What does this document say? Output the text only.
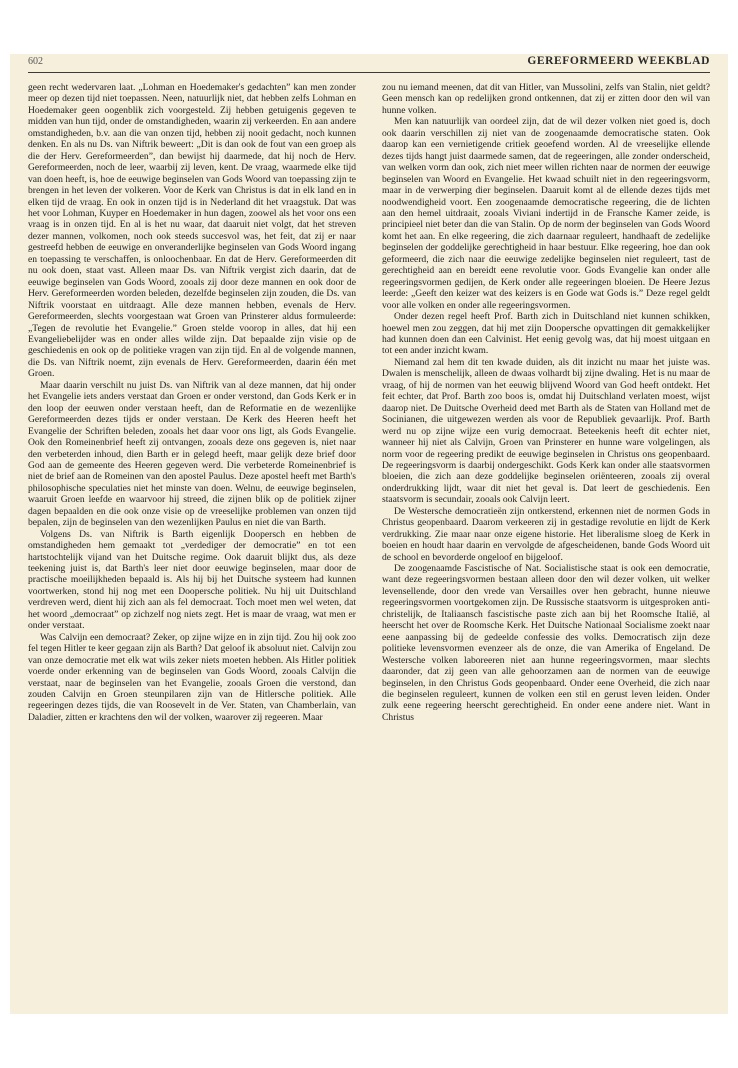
602	GEREFORMEERD WEEKBLAD

geen recht wedervaren laat. „Lohman en Hoedemaker's gedachten” kan men zonder meer op dezen tijd niet toepassen. Neen, natuurlijk niet, dat hebben zelfs Lohman en Hoedemaker geen oogenblik zich voorgesteld. Zij hebben getuigenis gegeven te midden van hun tijd, onder de omstandigheden, waarin zij verkeerden. En aan andere omstandigheden, b.v. aan die van onzen tijd, hebben zij nooit gedacht, noch kunnen denken. En als nu Ds. van Niftrik beweert: „Dit is dan ook de fout van een groep als die der Herv. Gereformeerden”, dan bewijst hij daarmede, dat hij noch de Herv. Gereformeerden, noch de leer, waarbij zij leven, kent. De vraag, waarmede elke tijd van doen heeft, is, hoe de eeuwige beginselen van Gods Woord van toepassing zijn te brengen in het leven der volkeren. Voor de Kerk van Christus is dat in elk land en in elken tijd de vraag. En ook in onzen tijd is in Nederland dit het vraagstuk. Dat was het voor Lohman, Kuyper en Hoedemaker in hun dagen, zoowel als het voor ons een vraag is in onzen tijd. En al is het nu waar, dat daaruit niet volgt, dat het streven dezer mannen, volkomen, noch ook steeds succesvol was, het feit, dat zij er naar gestreefd hebben de eeuwige en onveranderlijke beginselen van Gods Woord ingang en toepassing te verschaffen, is onloochenbaar. En dat de Herv. Gereformeerden dit nu ook doen, staat vast. Alleen maar Ds. van Niftrik vergist zich daarin, dat de eeuwige beginselen van Gods Woord, zooals zij door deze mannen en ook door de Herv. Gereformeerden worden beleden, dezelfde beginselen zijn zouden, die Ds. van Niftrik voorstaat en uitdraagt. Alle deze mannen hebben, evenals de Herv. Gereformeerden, slechts voorgestaan wat Groen van Prinsterer aldus formuleerde: „Tegen de revolutie het Evangelie.” Groen stelde voorop in alles, dat hij een Evangeliebelijder was en onder alles wilde zijn. Dat bepaalde zijn visie op de geschiedenis en ook op de politieke vragen van zijn tijd. En al de volgende mannen, die Ds. van Niftrik noemt, zijn evenals de Herv. Gereformeerden, daarin één met Groen.

Maar daarin verschilt nu juist Ds. van Niftrik van al deze mannen, dat hij onder het Evangelie iets anders verstaat dan Groen er onder verstond, dan Gods Kerk er in den loop der eeuwen onder verstaan heeft, dan de Reformatie en de wezenlijke Gereformeerden dezes tijds er onder verstaan. De Kerk des Heeren heeft het Evangelie der Schriften beleden, zooals het daar voor ons ligt, als Gods Evangelie. Ook den Romeinenbrief heeft zij ontvangen, zooals deze ons gegeven is, niet naar den verbeterden inhoud, dien Barth er in gelegd heeft, maar gelijk deze brief door God aan de gemeente des Heeren gegeven werd. Die verbeterde Romeinenbrief is niet de brief aan de Romeinen van den apostel Paulus. Deze apostel heeft met Barth's philosophische speculaties niet het minste van doen. Welnu, de eeuwige beginselen, waaruit Groen leefde en waarvoor hij streed, die zijnen blik op de politiek zijner dagen bepaalden en die ook onze visie op de vreeselijke problemen van onzen tijd bepalen, zijn de beginselen van den wezenlijken Paulus en niet die van Barth.

Volgens Ds. van Niftrik is Barth eigenlijk Doopersch en hebben de omstandigheden hem gemaakt tot „verdediger der democratie” en tot een hartstochtelijk vijand van het Duitsche regime. Ook daaruit blijkt dus, als deze teekening juist is, dat Barth's leer niet door eeuwige beginselen, maar door de practische moeilijkheden bepaald is. Als hij bij het Duitsche systeem had kunnen voortwerken, stond hij nog met een Doopersche politiek. Nu hij uit Duitschland verdreven werd, dient hij zich aan als fel democraat. Toch moet men wel weten, dat het woord „democraat” op zichzelf nog niets zegt. Het is maar de vraag, wat men er onder verstaat.

Was Calvijn een democraat? Zeker, op zijne wijze en in zijn tijd. Zou hij ook zoo fel tegen Hitler te keer gegaan zijn als Barth? Dat geloof ik absoluut niet. Calvijn zou van onze democratie met elk wat wils zeker niets moeten hebben. Als Hitler politiek voerde onder erkenning van de beginselen van Gods Woord, zooals Calvijn die verstaat, naar de beginselen van het Evangelie, zooals Groen die verstond, dan zouden Calvijn en Groen steunpilaren zijn van de Hitlersche politiek. Alle regeeringen dezes tijds, die van Roosevelt in de Ver. Staten, van Chamberlain, van Daladier, zitten er krachtens den wil der volken, waarover zij regeeren. Maar

zou nu iemand meenen, dat dit van Hitler, van Mussolini, zelfs van Stalin, niet geldt? Geen mensch kan op redelijken grond ontkennen, dat zij er zitten door den wil van hunne volken.

Men kan natuurlijk van oordeel zijn, dat de wil dezer volken niet goed is, doch ook daarin verschillen zij niet van de zoogenaamde democratische staten. Ook daarop kan een vernietigende critiek geoefend worden. Al de vreeselijke ellende dezes tijds hangt juist daarmede samen, dat de regeeringen, alle zonder onderscheid, van welken vorm dan ook, zich niet meer willen richten naar de normen der eeuwige beginselen van Woord en Evangelie. Het kwaad schuilt niet in den regeeringsvorm, maar in de verwerping dier beginselen. Daaruit komt al de ellende dezes tijds met noodwendigheid voort. Een zoogenaamde democratische regeering, die de lichten aan den hemel uitdraait, zooals Viviani indertijd in de Fransche Kamer zeide, is principieel niet beter dan die van Stalin. Op de norm der beginselen van Gods Woord komt het aan. En elke regeering, die zich daarnaar reguleert, handhaaft de zedelijke beginselen der goddelijke gerechtigheid in haar bestuur. Elke regeering, hoe dan ook geformeerd, die zich naar die eeuwige zedelijke beginselen niet reguleert, tast de gerechtigheid aan en bereidt eene revolutie voor. Gods Evangelie kan onder alle regeeringsvormen gedijen, de Kerk onder alle regeeringen bloeien. De Heere Jezus leerde: „Geeft den keizer wat des keizers is en Gode wat Gods is.” Deze regel geldt voor alle volken en onder alle regeeringsvormen.

Onder dezen regel heeft Prof. Barth zich in Duitschland niet kunnen schikken, hoewel men zou zeggen, dat hij met zijn Doopersche opvattingen dit gemakkelijker had kunnen doen dan een Calvinist. Het eenig gevolg was, dat hij moest uitgaan en tot een ander inzicht kwam.

Niemand zal hem dit ten kwade duiden, als dit inzicht nu maar het juiste was. Dwalen is menschelijk, alleen de dwaas volhardt bij zijne dwaling. Het is nu maar de vraag, of hij de normen van het eeuwig blijvend Woord van God heeft ontdekt. Het feit echter, dat Prof. Barth zoo boos is, omdat hij Duitschland verlaten moest, wijst daarop niet. De Duitsche Overheid deed met Barth als de Staten van Holland met de Socinianen, die uitgewezen werden als voor de Republiek gevaarlijk. Prof. Barth werd nu op zijne wijze een vurig democraat. Beteekenis heeft dit echter niet, wanneer hij niet als Calvijn, Groen van Prinsterer en hunne ware volgelingen, als norm voor de regeering predikt de eeuwige beginselen in Christus ons geopenbaard. De regeeringsvorm is daarbij ondergeschikt. Gods Kerk kan onder alle staatsvormen bloeien, die zich aan deze goddelijke beginselen oriënteeren, zooals zij overal onderdrukking lijdt, waar dit niet het geval is. Dat leert de geschiedenis. Een staatsvorm is secundair, zooals ook Calvijn leert.

De Westersche democratieën zijn ontkerstend, erkennen niet de normen Gods in Christus geopenbaard. Daarom verkeeren zij in gestadige revolutie en lijdt de Kerk verdrukking. Zie maar naar onze eigene historie. Het liberalisme sloeg de Kerk in boeien en houdt haar daarin en vervolgde de afgescheidenen, bande Gods Woord uit de school en bevorderde ongeloof en bijgeloof.

De zoogenaamde Fascistische of Nat. Socialistische staat is ook een democratie, want deze regeeringsvormen bestaan alleen door den wil dezer volken, uit welker levensellende, door den vrede van Versailles over hen gebracht, hunne nieuwe regeeringsvormen voortgekomen zijn. De Russische staatsvorm is uitgesproken anti-christelijk, de Italiaansch fascistische paste zich aan bij het Roomsche Italië, al heerscht het over de Roomsche Kerk. Het Duitsche Nationaal Socialisme zoekt naar eene aanpassing bij de gedeelde confessie des volks. Democratisch zijn deze politieke levensvormen evenzeer als de onze, die van Amerika of Engeland. De Westersche volken laboreeren niet aan hunne regeeringsvormen, maar slechts daaronder, dat zij geen van alle gehoorzamen aan de normen van de eeuwige beginselen, in den Christus Gods geopenbaard. Onder eene Overheid, die zich naar die beginselen reguleert, kunnen de volken een stil en gerust leven leiden. Onder zulk eene regeering heerscht gerechtigheid. En onder eene andere niet. Want in Christus
